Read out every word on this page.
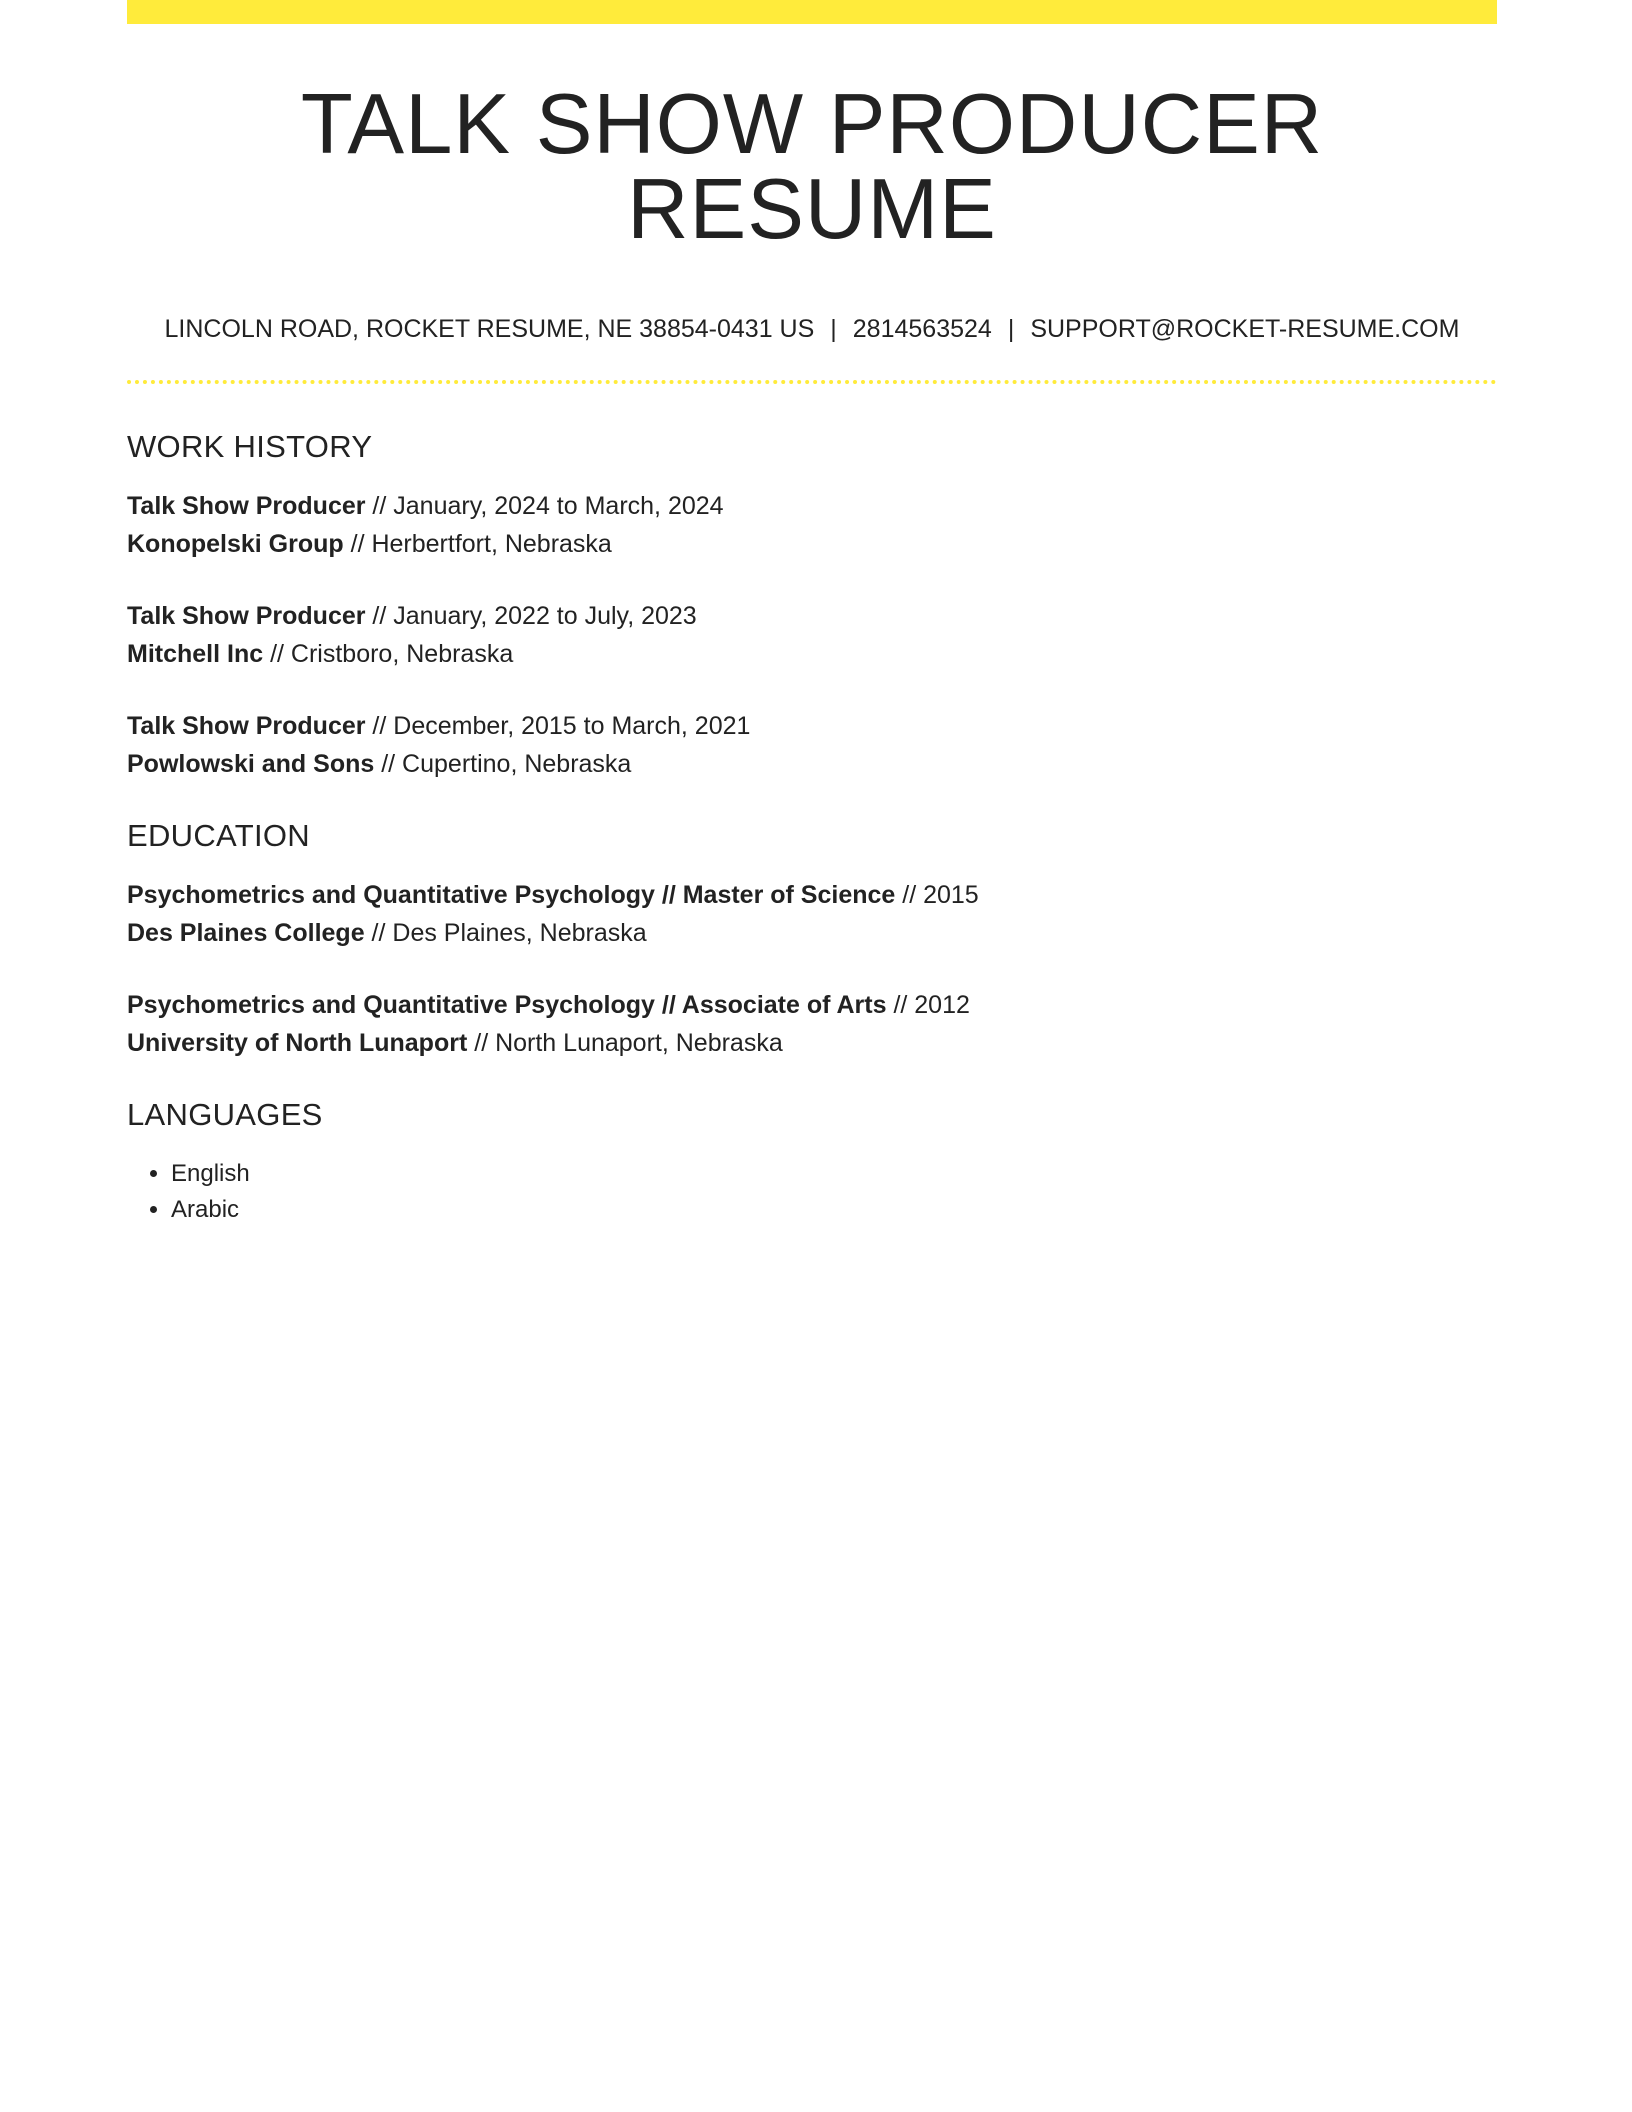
TALK SHOW PRODUCER RESUME
LINCOLN ROAD, ROCKET RESUME, NE 38854-0431 US | 2814563524 | SUPPORT@ROCKET-RESUME.COM
WORK HISTORY
Talk Show Producer // January, 2024 to March, 2024
Konopelski Group // Herbertfort, Nebraska
Talk Show Producer // January, 2022 to July, 2023
Mitchell Inc // Cristboro, Nebraska
Talk Show Producer // December, 2015 to March, 2021
Powlowski and Sons // Cupertino, Nebraska
EDUCATION
Psychometrics and Quantitative Psychology // Master of Science // 2015
Des Plaines College // Des Plaines, Nebraska
Psychometrics and Quantitative Psychology // Associate of Arts // 2012
University of North Lunaport // North Lunaport, Nebraska
LANGUAGES
• English
• Arabic
